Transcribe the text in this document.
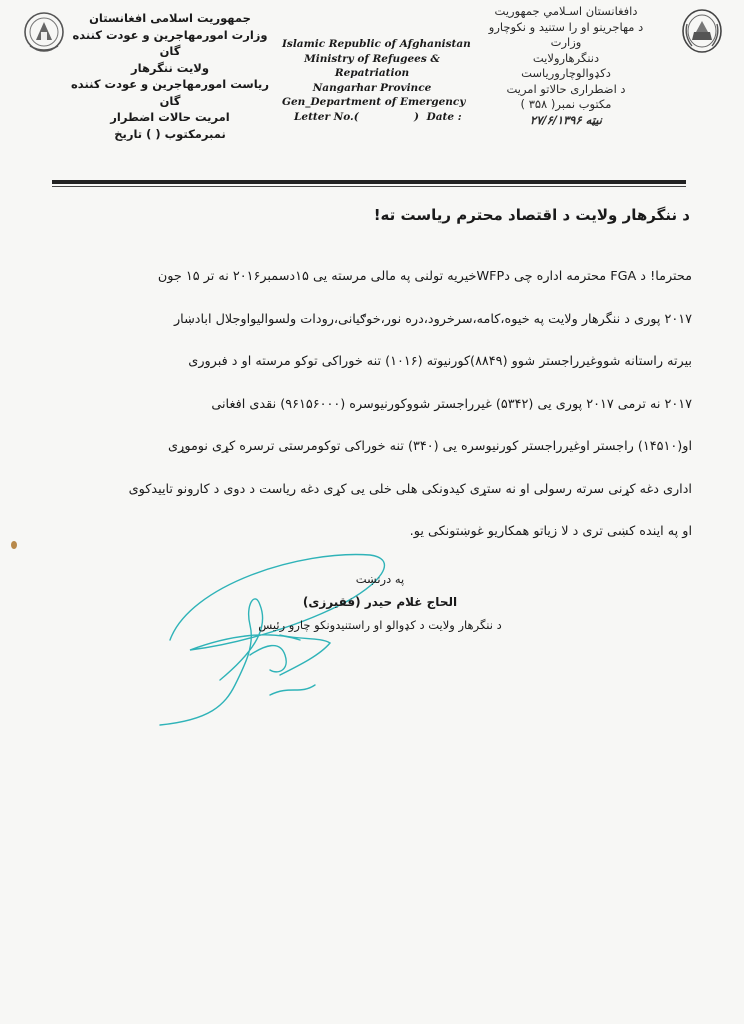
جمهوریت اسلامی افغانستان
وزارت امورمهاجرین و عودت کننده
گان
ولایت ننگرهار
ریاست امورمهاجرین و عودت کننده
گان
امریت حالات اضطرار
نمبرمکتوب ( ) تاریخ
Islamic Republic of Afghanistan
Ministry of Refugees &
Repatriation
Nangarhar Province
Gen_Department of Emergency
Letter No.(	) Date :
دافغانستان اسـلامي جمهوريت
د مهاجرينو او را ستنيد و نكوچارو
وزارت
دننگرهارولايت
دكډوالوچاروریاست
د اضطراری حالاتو امریت
مکتوب نمبر( ۳۵۸ )
نیټه ۲۷/۶/۱۳۹۶
د ننگرهار ولایت د اقتصاد محترم ریاست ته!
محترما! د FGA محترمه اداره چی دWFPخیریه تولنی په مالی مرسته یی ۱۵دسمبر۲۰۱۶ نه تر ۱۵ جون
۲۰۱۷ پوری د ننگرهار ولایت په خیوه،کامه،سرخرود،دره نور،خوګیانی،رودات ولسوالیواوجلال ابادښار
بیرته راستانه شووغیرراجستر شوو (۸۸۴۹)کورنیوته (۱۰۱۶) تنه خوراکی توکو مرسته او د فبروری
۲۰۱۷ نه ترمی ۲۰۱۷ پوری یی (۵۳۴۲) غیرراجستر شووکورنیوسره (۹۶۱۵۶۰۰۰) نقدی افغانی
او(۱۴۵۱۰) راجستر اوغیرراجستر کورنیوسره یی (۳۴۰) تنه خوراکی توکومرستی ترسره کړی نوموړی
اداری دغه کړنی سرته رسولی او نه ستړی کیدونکی هلی خلی یی کړی دغه ریاست د دوی د کارونو تاییدکوی
او په اینده کښی تری د لا زیاتو همکاریو غوښتونکی یو.
په درنښت
الحاج غلام حیدر (فقیرزی)
د ننگرهار ولایت د کډوالو او راستنیدونکو چارو رئیس
